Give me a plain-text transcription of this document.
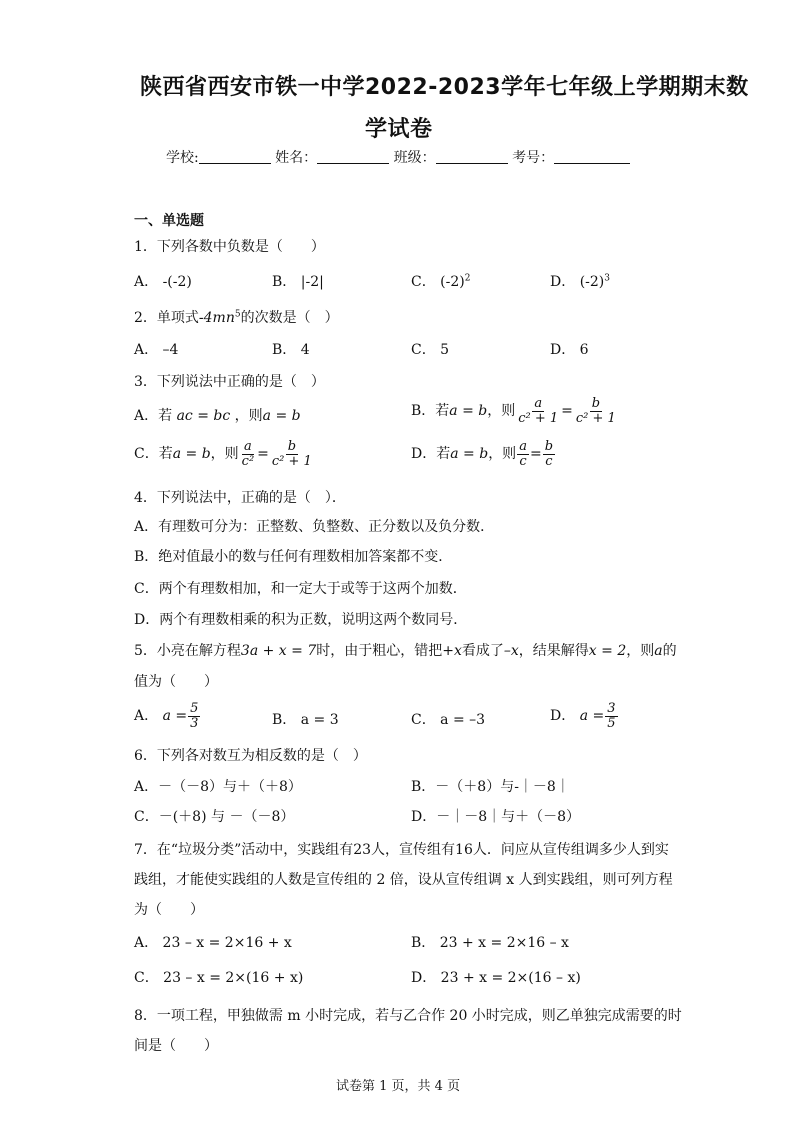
陕西省西安市铁一中学2022-2023学年七年级上学期期末数
学试卷
学校:	姓名：	班级：	考号：
一、单选题
1．下列各数中负数是（　　）
A． -(-2)	B． |-2|	C． $(-2)^2$	D． $(-2)^3$
2．单项式$-4mn^5$的次数是（　）
A． –4	B． 4	C． 5	D． 6
3．下列说法中正确的是（　）
A．若 ac = bc ，则a = b	B．若a = b，则 $\frac{a}{\text{c² + 1}} = \frac{b}{\text{c² + 1}}$
C．若a = b，则 $\frac{a}{\text{c²}} = \frac{b}{\text{c² + 1}}$	D．若a = b，则 $\frac{a}{c} = \frac{b}{c}$
4．下列说法中，正确的是（　）．
A．有理数可分为：正整数、负整数、正分数以及负分数．
B．绝对值最小的数与任何有理数相加答案都不变．
C．两个有理数相加，和一定大于或等于这两个加数．
D．两个有理数相乘的积为正数，说明这两个数同号．
5．小亮在解方程3a + x = 7时，由于粗心，错把+x看成了–x，结果解得x = 2，则a的
值为（　　）
A． $a = \frac{5}{3}$	B． a = 3	C． a = –3	D． $a = \frac{3}{5}$
6．下列各对数互为相反数的是（　）
A．－（－8）与＋（＋8）	B．－（＋8）与-｜－8｜
C．－(＋8) 与 －（－8）	D．－｜－8｜与＋（－8）
7．在“垃圾分类”活动中，实践组有23人，宣传组有16人．问应从宣传组调多少人到实
践组，才能使实践组的人数是宣传组的 2 倍，设从宣传组调 x 人到实践组，则可列方程
为（　　）
A． 23 – x = 2×16 + x	B． 23 + x = 2×16 – x
C． 23 – x = 2×(16 + x)	D． 23 + x = 2×(16 – x)
8．一项工程，甲独做需 m 小时完成，若与乙合作 20 小时完成，则乙单独完成需要的时
间是（　　）
试卷第 1 页，共 4 页
